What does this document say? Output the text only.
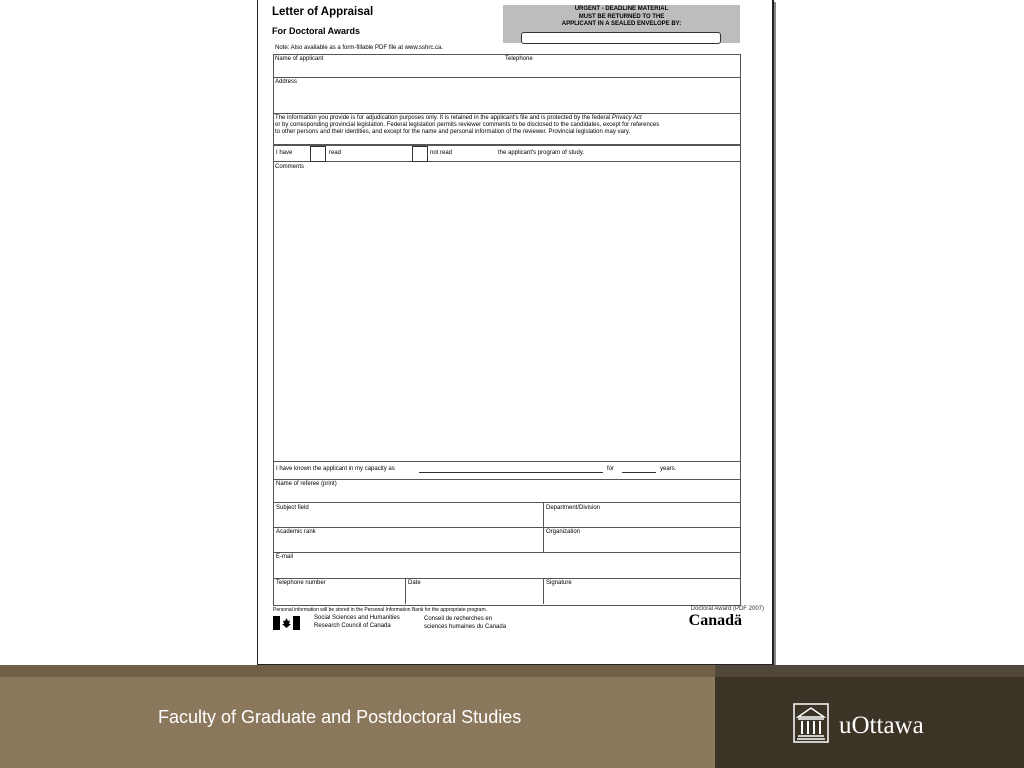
Letter of Appraisal
For Doctoral Awards
URGENT - DEADLINE MATERIAL
MUST BE RETURNED TO THE
APPLICANT IN A SEALED ENVELOPE BY:
Note: Also available as a form-fillable PDF file at www.sshrc.ca.
Name of applicant	Telephone
Address
The information you provide is for adjudication purposes only. It is retained in the applicant's file and is protected by the federal Privacy Act
or by corresponding provincial legislation. Federal legislation permits reviewer comments to be disclosed to the candidates, except for references
to other persons and their identities, and except for the name and personal information of the reviewer. Provincial legislation may vary.
I have	read	not read	the applicant's program of study.
Comments
I have known the applicant in my capacity as	for	years.
Name of referee (print)
Subject field	Department/Division
Academic rank	Organization
E-mail
Telephone number	Date	Signature
Personal information will be stored in the Personal Information Bank for the appropriate program.	Doctoral Award (PDF 2007)
Social Sciences and Humanities
Research Council of Canada
Conseil de recherches en
sciences humaines du Canada	Canadä
Faculty of Graduate and Postdoctoral Studies	uOttawa
